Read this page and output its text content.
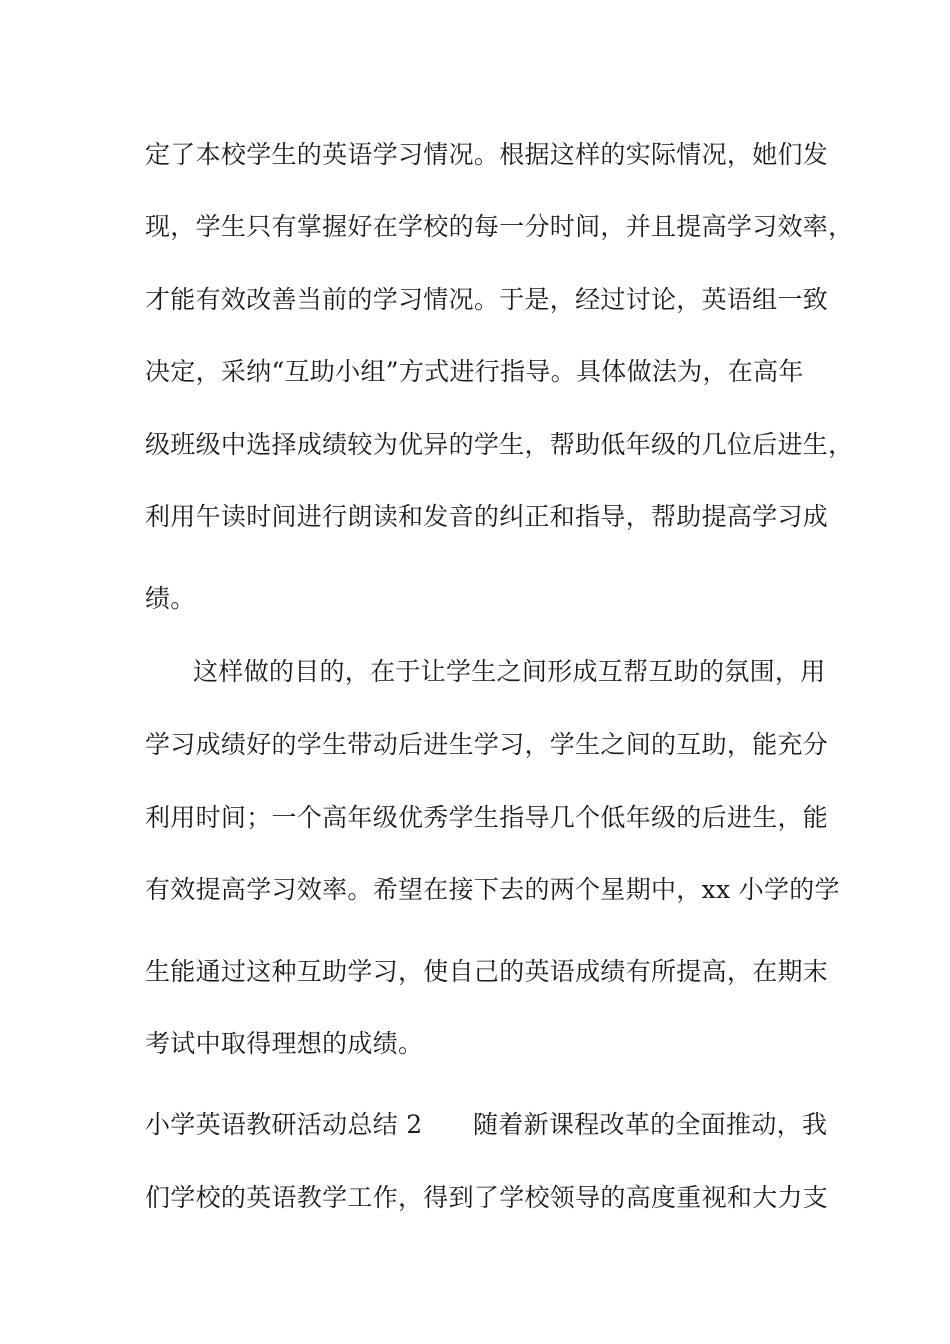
定了本校学生的英语学习情况。根据这样的实际情况，她们发
现，学生只有掌握好在学校的每一分时间，并且提高学习效率，
才能有效改善当前的学习情况。于是，经过讨论，英语组一致
决定，采纳“互助小组”方式进行指导。具体做法为，在高年
级班级中选择成绩较为优异的学生，帮助低年级的几位后进生，
利用午读时间进行朗读和发音的纠正和指导，帮助提高学习成
绩。
这样做的目的，在于让学生之间形成互帮互助的氛围，用
学习成绩好的学生带动后进生学习，学生之间的互助，能充分
利用时间；一个高年级优秀学生指导几个低年级的后进生，能
有效提高学习效率。希望在接下去的两个星期中，xx 小学的学
生能通过这种互助学习，使自己的英语成绩有所提高，在期末
考试中取得理想的成绩。
小学英语教研活动总结 2　　随着新课程改革的全面推动，我
们学校的英语教学工作，得到了学校领导的高度重视和大力支
